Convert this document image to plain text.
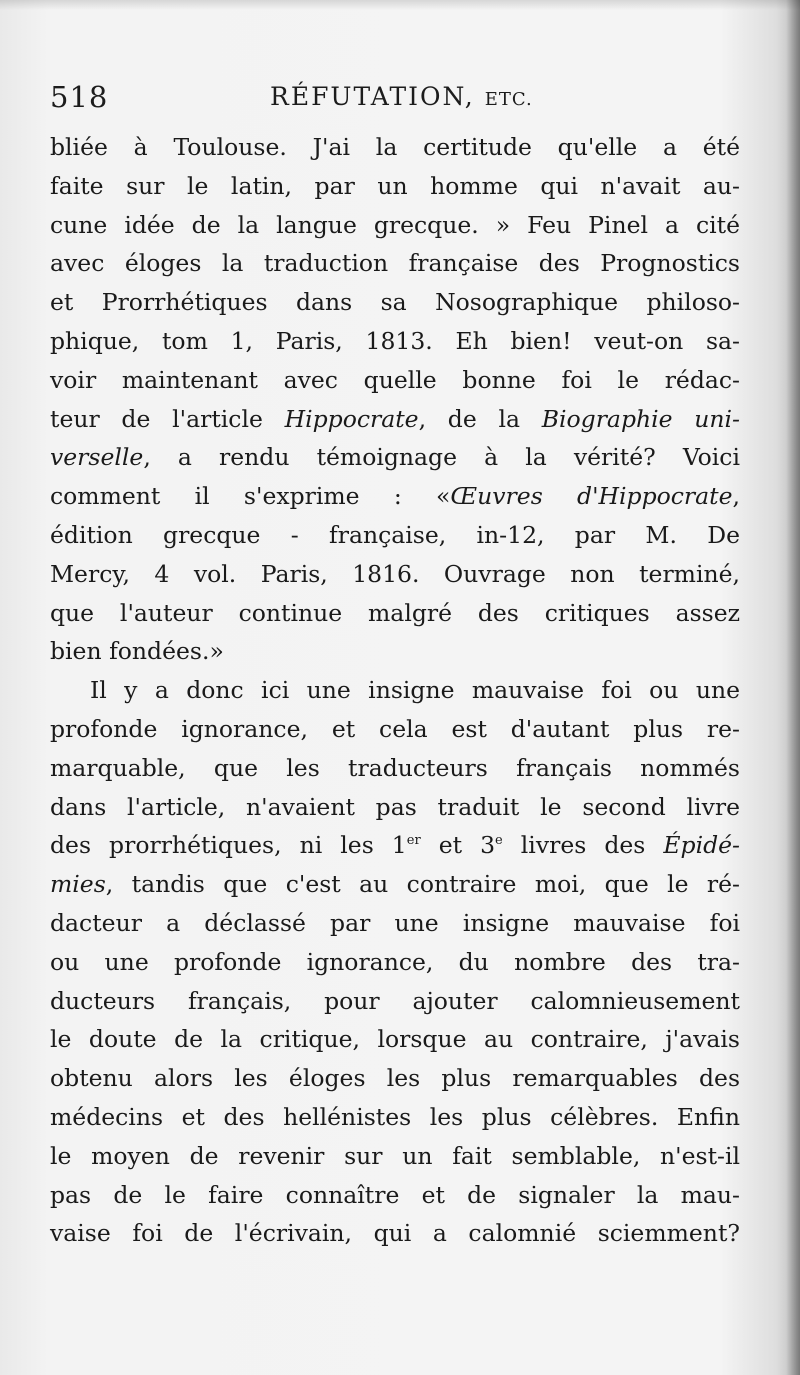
518	RÉFUTATION, ETC.
bliée à Toulouse. J'ai la certitude qu'elle a été
faite sur le latin, par un homme qui n'avait au-
cune idée de la langue grecque. » Feu Pinel a cité
avec éloges la traduction française des Prognostics
et Prorrhétiques dans sa Nosographique philoso-
phique, tom 1, Paris, 1813. Eh bien! veut-on sa-
voir maintenant avec quelle bonne foi le rédac-
teur de l'article Hippocrate, de la Biographie uni-
verselle, a rendu témoignage à la vérité? Voici
comment il s'exprime : «Œuvres d'Hippocrate,
édition grecque - française, in-12, par M. De
Mercy, 4 vol. Paris, 1816. Ouvrage non terminé,
que l'auteur continue malgré des critiques assez
bien fondées.»
Il y a donc ici une insigne mauvaise foi ou une
profonde ignorance, et cela est d'autant plus re-
marquable, que les traducteurs français nommés
dans l'article, n'avaient pas traduit le second livre
des prorrhétiques, ni les 1er et 3e livres des Épidé-
mies, tandis que c'est au contraire moi, que le ré-
dacteur a déclassé par une insigne mauvaise foi
ou une profonde ignorance, du nombre des tra-
ducteurs français, pour ajouter calomnieusement
le doute de la critique, lorsque au contraire, j'avais
obtenu alors les éloges les plus remarquables des
médecins et des hellénistes les plus célèbres. Enfin
le moyen de revenir sur un fait semblable, n'est-il
pas de le faire connaître et de signaler la mau-
vaise foi de l'écrivain, qui a calomnié sciemment?
